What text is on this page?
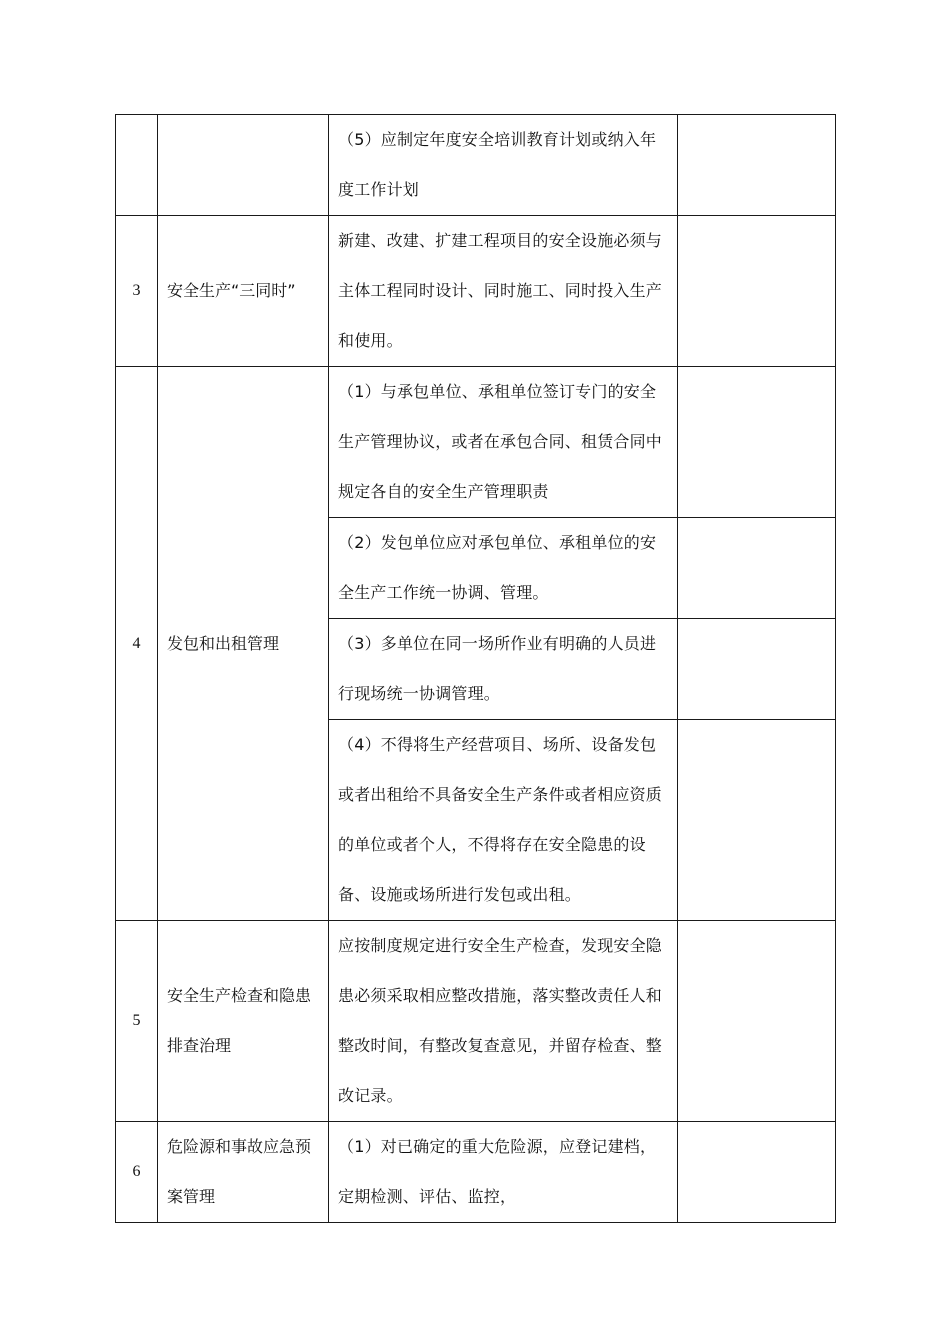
		（5）应制定年度安全培训教育计划或纳入年度工作计划	
3	安全生产“三同时”	新建、改建、扩建工程项目的安全设施必须与主体工程同时设计、同时施工、同时投入生产和使用。	
4	发包和出租管理	（1）与承包单位、承租单位签订专门的安全生产管理协议，或者在承包合同、租赁合同中规定各自的安全生产管理职责	
		（2）发包单位应对承包单位、承租单位的安全生产工作统一协调、管理。	
		（3）多单位在同一场所作业有明确的人员进行现场统一协调管理。	
		（4）不得将生产经营项目、场所、设备发包或者出租给不具备安全生产条件或者相应资质的单位或者个人，不得将存在安全隐患的设备、设施或场所进行发包或出租。	
5	安全生产检查和隐患排查治理	应按制度规定进行安全生产检查，发现安全隐患必须采取相应整改措施，落实整改责任人和整改时间，有整改复查意见，并留存检查、整改记录。	
6	危险源和事故应急预案管理	（1）对已确定的重大危险源，应登记建档，定期检测、评估、监控，	
